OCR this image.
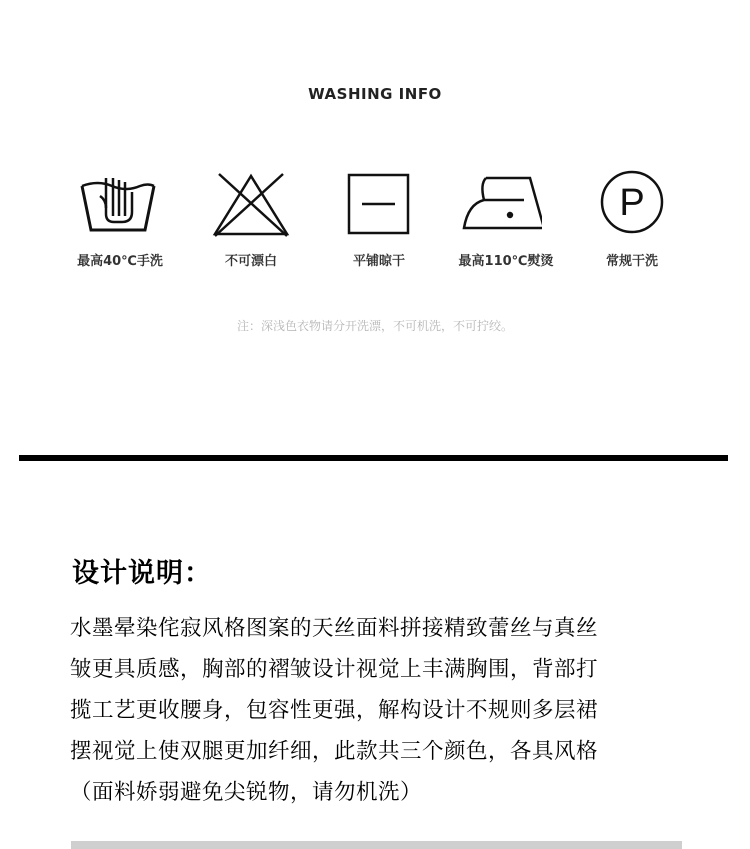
WASHING INFO
最高40℃手洗	不可漂白	平铺晾干	最高110℃熨烫
P
常规干洗
注：深浅色衣物请分开洗漂，不可机洗，不可拧绞。
设计说明：
水墨晕染侘寂风格图案的天丝面料拼接精致蕾丝与真丝
皱更具质感，胸部的褶皱设计视觉上丰满胸围，背部打
揽工艺更收腰身，包容性更强，解构设计不规则多层裙
摆视觉上使双腿更加纤细，此款共三个颜色，各具风格
（面料娇弱避免尖锐物，请勿机洗）
